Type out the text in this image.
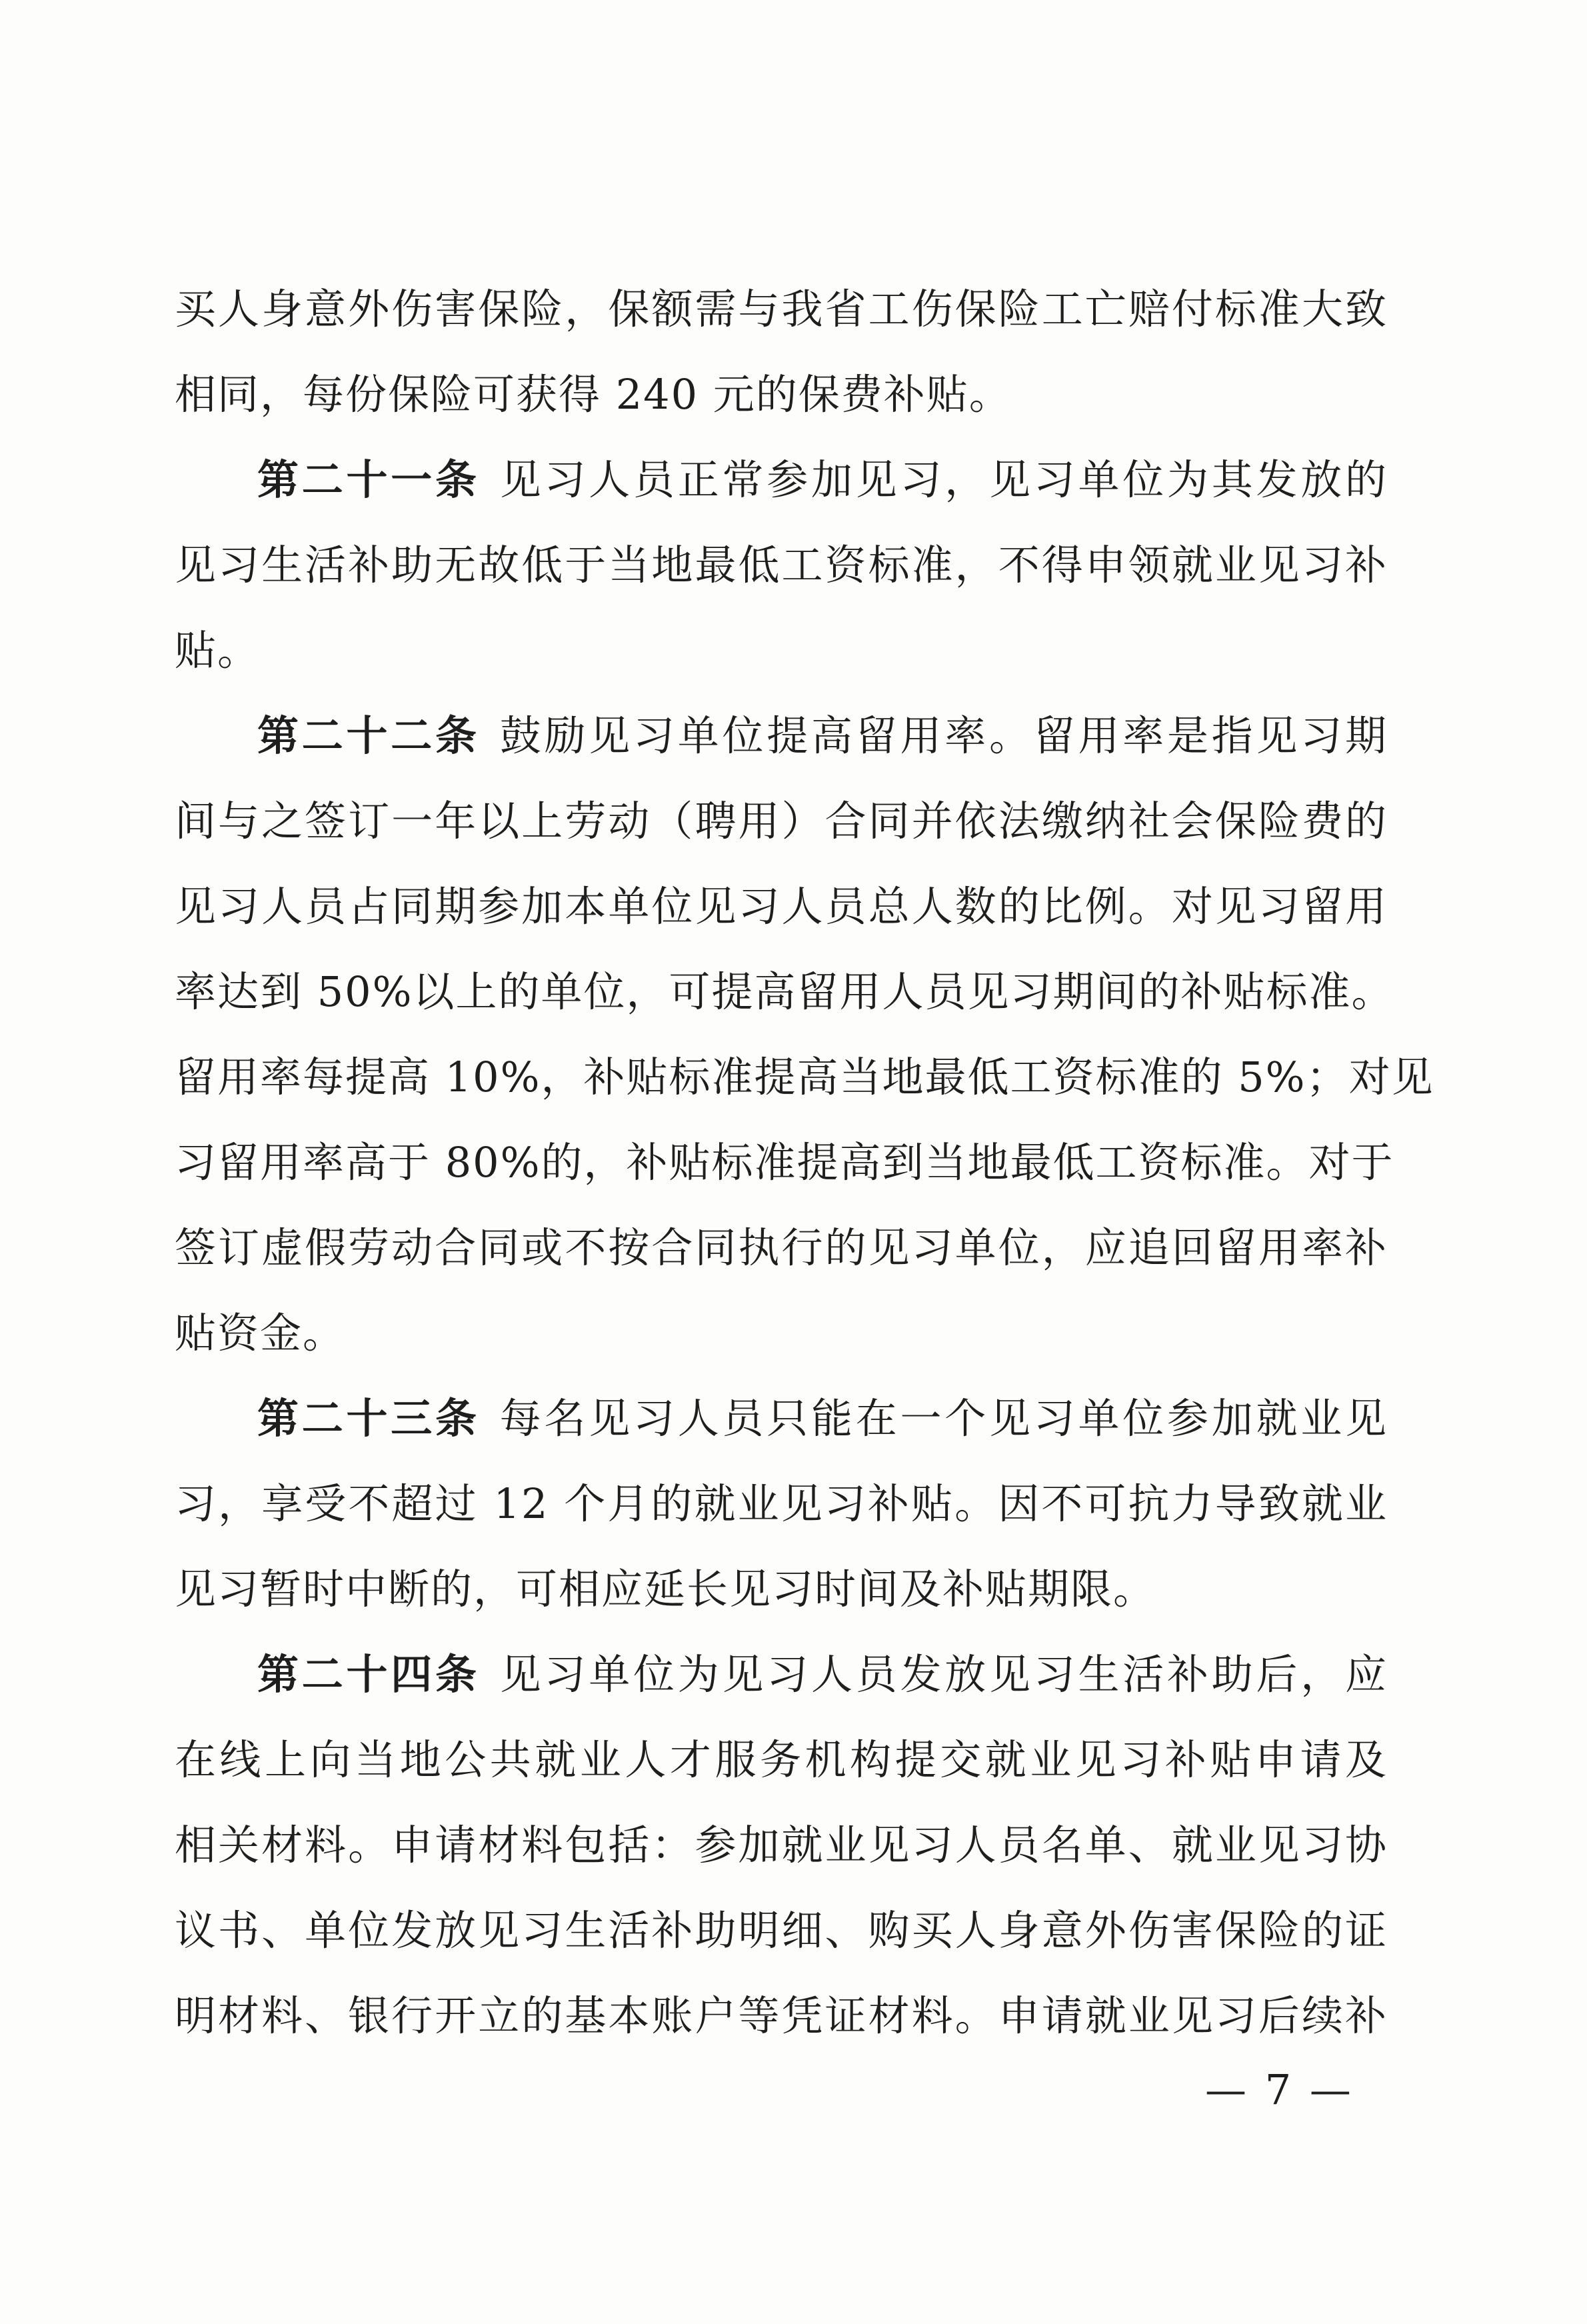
买人身意外伤害保险，保额需与我省工伤保险工亡赔付标准大致
相同，每份保险可获得 240 元的保费补贴。
第二十一条 见习人员正常参加见习，见习单位为其发放的
见习生活补助无故低于当地最低工资标准，不得申领就业见习补
贴。
第二十二条 鼓励见习单位提高留用率。留用率是指见习期
间与之签订一年以上劳动（聘用）合同并依法缴纳社会保险费的
见习人员占同期参加本单位见习人员总人数的比例。对见习留用
率达到 50%以上的单位，可提高留用人员见习期间的补贴标准。
留用率每提高 10%，补贴标准提高当地最低工资标准的 5%；对见
习留用率高于 80%的，补贴标准提高到当地最低工资标准。对于
签订虚假劳动合同或不按合同执行的见习单位，应追回留用率补
贴资金。
第二十三条 每名见习人员只能在一个见习单位参加就业见
习，享受不超过 12 个月的就业见习补贴。因不可抗力导致就业
见习暂时中断的，可相应延长见习时间及补贴期限。
第二十四条 见习单位为见习人员发放见习生活补助后，应
在线上向当地公共就业人才服务机构提交就业见习补贴申请及
相关材料。申请材料包括：参加就业见习人员名单、就业见习协
议书、单位发放见习生活补助明细、购买人身意外伤害保险的证
明材料、银行开立的基本账户等凭证材料。申请就业见习后续补
— 7 —
